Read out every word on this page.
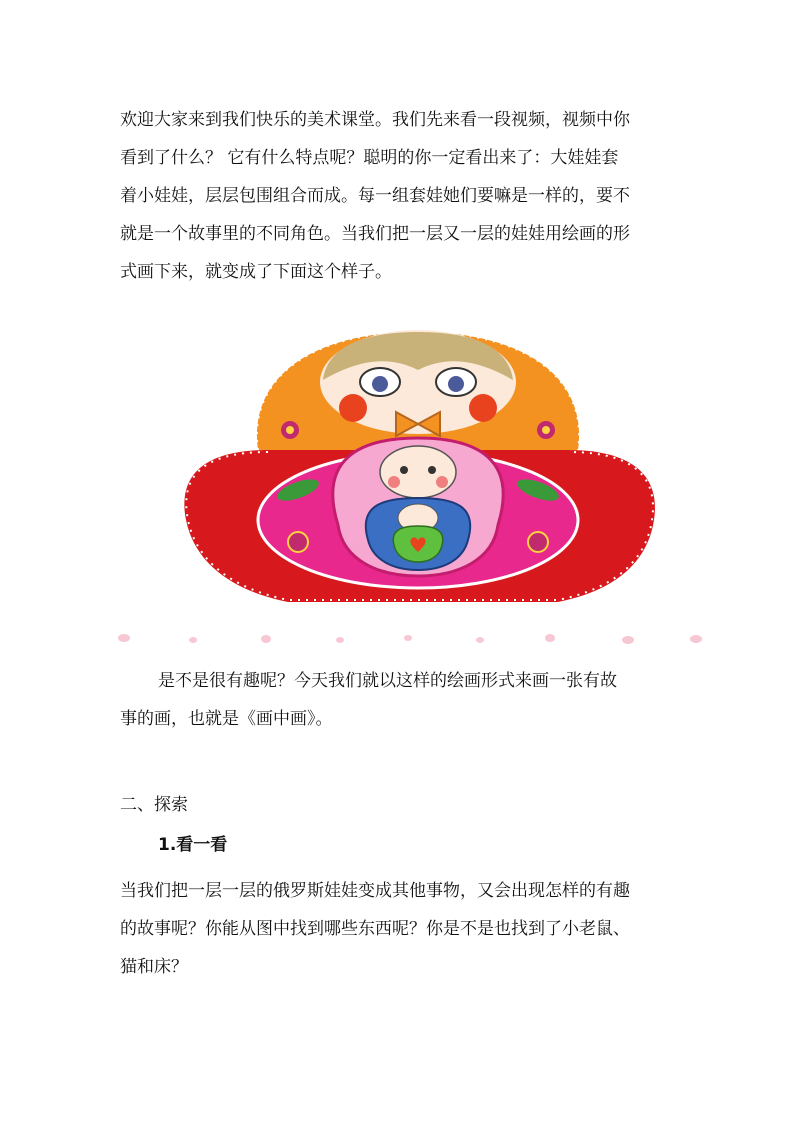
欢迎大家来到我们快乐的美术课堂。我们先来看一段视频，视频中你
看到了什么？ 它有什么特点呢？聪明的你一定看出来了：大娃娃套
着小娃娃，层层包围组合而成。每一组套娃她们要嘛是一样的，要不
就是一个故事里的不同角色。当我们把一层又一层的娃娃用绘画的形
式画下来，就变成了下面这个样子。

是不是很有趣呢？今天我们就以这样的绘画形式来画一张有故
事的画，也就是《画中画》。

二、探索
1.看一看

当我们把一层一层的俄罗斯娃娃变成其他事物，又会出现怎样的有趣
的故事呢？你能从图中找到哪些东西呢？你是不是也找到了小老鼠、
猫和床？
